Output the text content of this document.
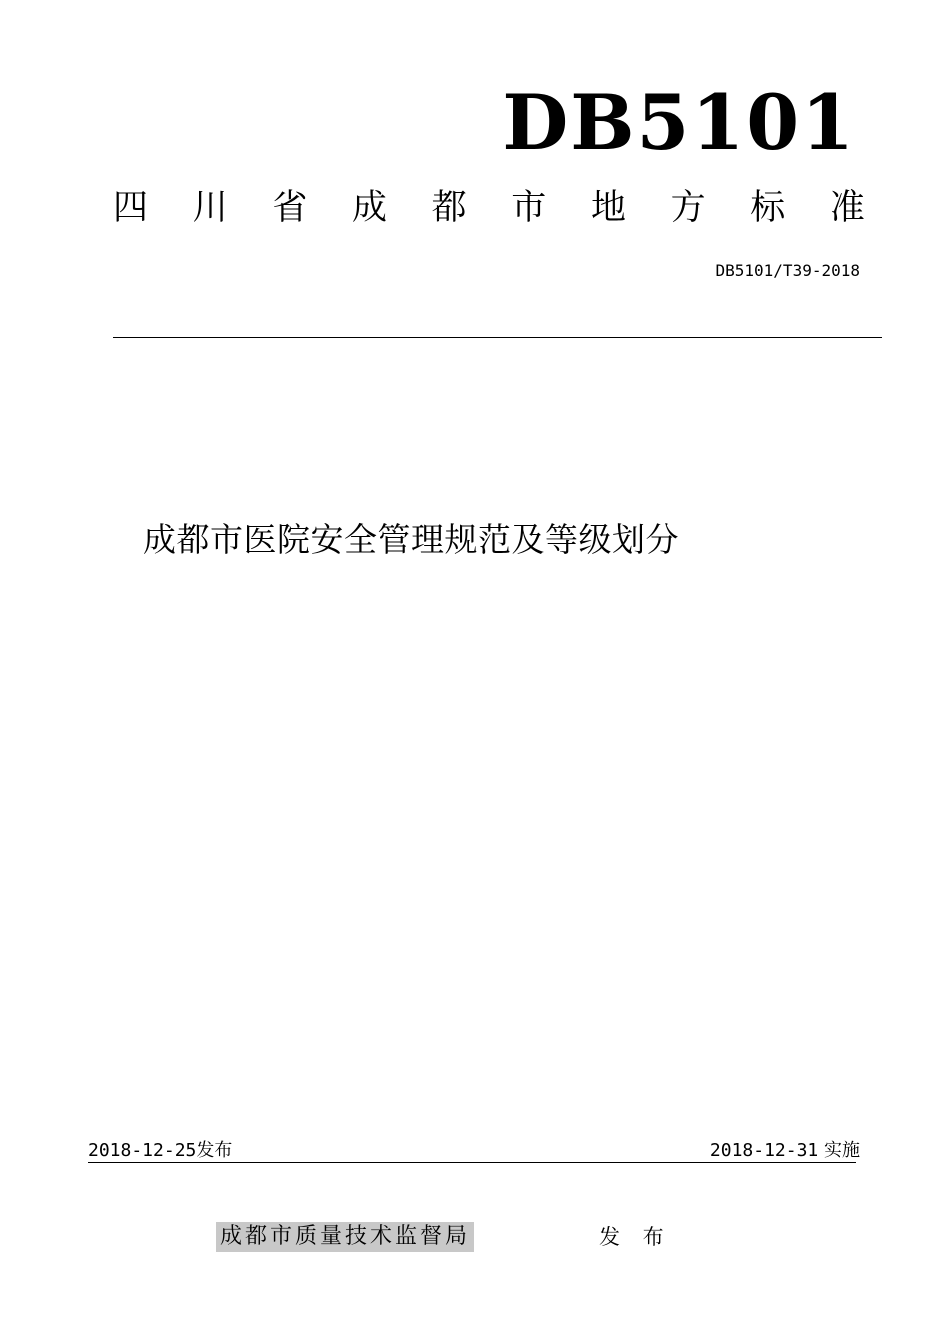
DB5101
四 川 省 成 都 市 地 方 标 准
DB5101/T39-2018
成都市医院安全管理规范及等级划分
2018-12-25发布	2018-12-31 实施
成都市质量技术监督局	发 布
